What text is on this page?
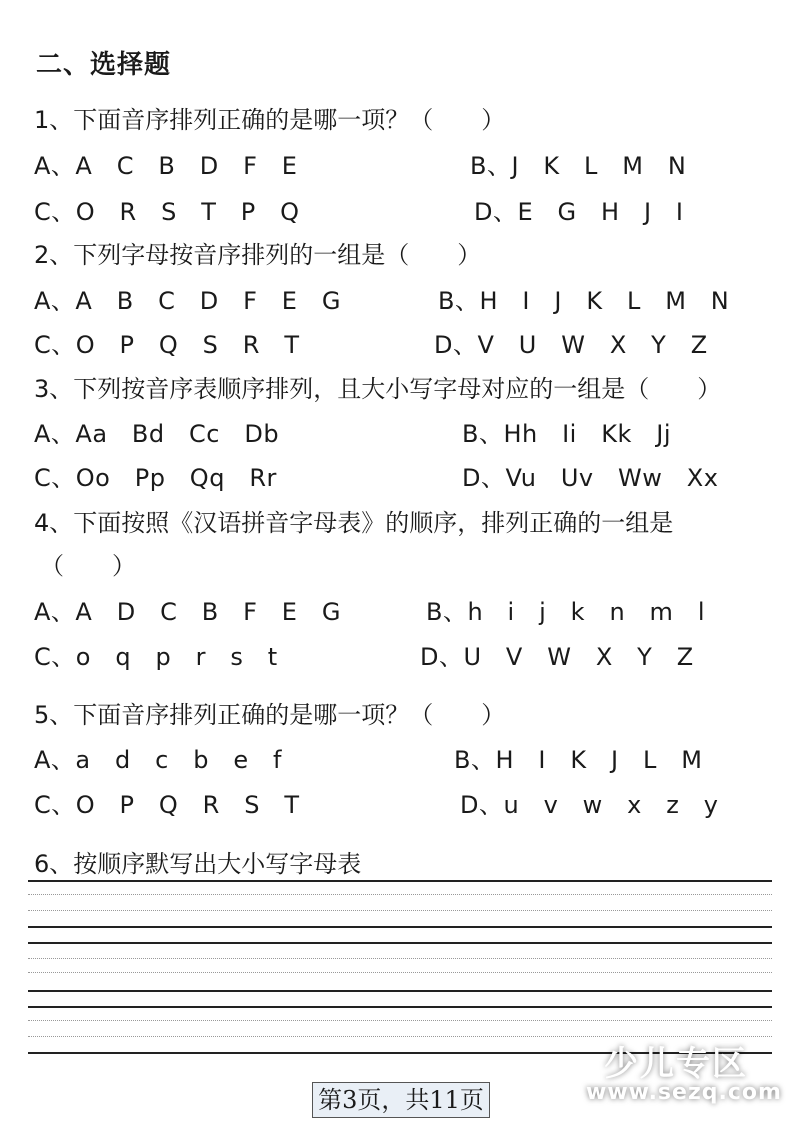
二、选择题
1、下面音序排列正确的是哪一项？（　　）
A、A   C   B   D   F   E	B、J   K   L   M   N
C、O   R   S   T   P   Q	D、E   G   H   J   I
2、下列字母按音序排列的一组是（　　）
A、A   B   C   D   F   E   G	B、H   I   J   K   L   M   N
C、O   P   Q   S   R   T	D、V   U   W   X   Y   Z
3、下列按音序表顺序排列，且大小写字母对应的一组是（　　）
A、Aa   Bd   Cc   Db	B、Hh   Ii   Kk   Jj
C、Oo   Pp   Qq   Rr	D、Vu   Uv   Ww   Xx
4、下面按照《汉语拼音字母表》的顺序，排列正确的一组是
（　　）
A、A   D   C   B   F   E   G	B、h   i   j   k   n   m   l
C、o   q   p   r   s   t	D、U   V   W   X   Y   Z
5、下面音序排列正确的是哪一项？（　　）
A、a   d   c   b   e   f	B、H   I   K   J   L   M
C、O   P   Q   R   S   T	D、u   v   w   x   z   y
6、按顺序默写出大小写字母表
第3页，共11页
少儿专区
www.sezq.com
